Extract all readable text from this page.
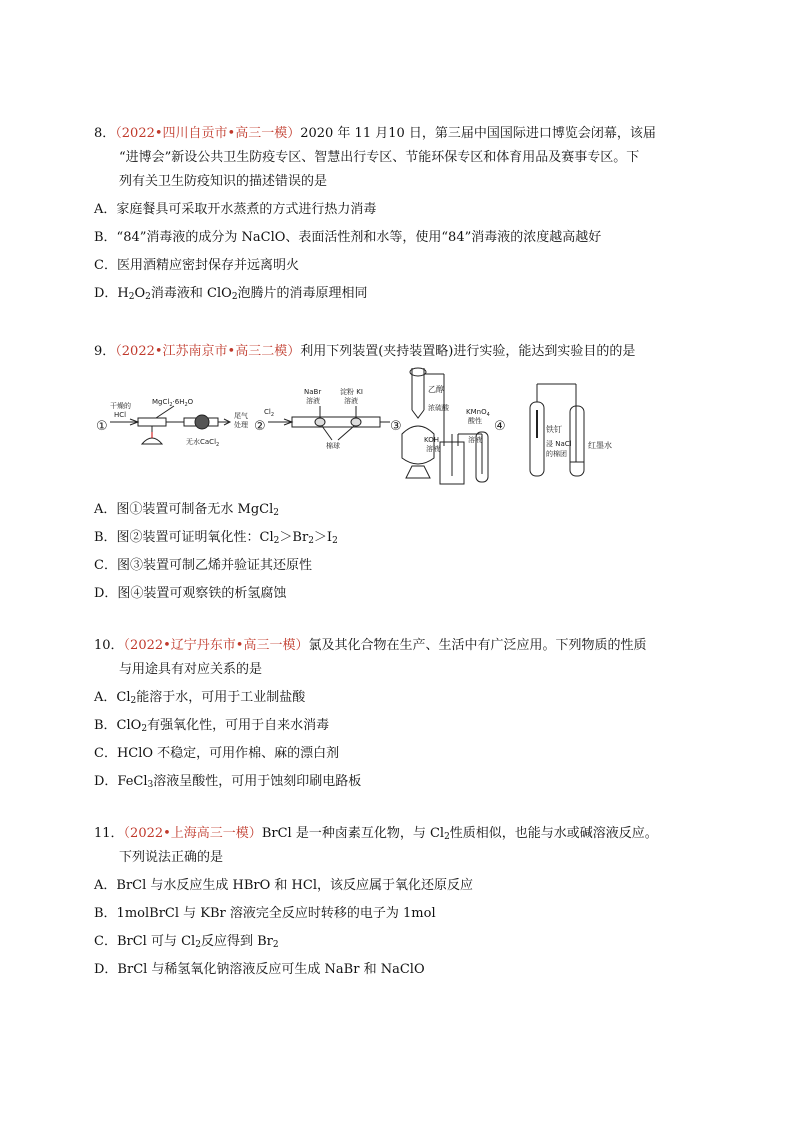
8．（2022•四川自贡市•高三一模）2020 年 11 月10 日，第三届中国国际进口博览会闭幕，该届
“进博会”新设公共卫生防疫专区、智慧出行专区、节能环保专区和体育用品及赛事专区。下
列有关卫生防疫知识的描述错误的是
A．家庭餐具可采取开水蒸煮的方式进行热力消毒
B．“84”消毒液的成分为 NaClO、表面活性剂和水等，使用“84”消毒液的浓度越高越好
C．医用酒精应密封保存并远离明火
D．$H_2O_2$消毒液和 ClO$_2$泡腾片的消毒原理相同
9．（2022•江苏南京市•高三二模）利用下列装置(夹持装置略)进行实验，能达到实验目的的是
①
干燥的
HCl
$MgCl_2\cdot 6H_2O$
尾气
处理
无水CaCl$_2$
②
$Cl_2$
NaBr
溶液
淀粉 KI
溶液
棉球
③
乙醇
浓硫酸
KOH
溶液
KMnO$_4$
酸性
溶液
④	铁钉
浸 NaCl
的棉团
红墨水
A．图①装置可制备无水 MgCl$_2$
B．图②装置可证明氧化性：$Cl_2>Br_2>I_2$
C．图③装置可制乙烯并验证其还原性
D．图④装置可观察铁的析氢腐蚀
10．（2022•辽宁丹东市•高三一模）氯及其化合物在生产、生活中有广泛应用。下列物质的性质
与用途具有对应关系的是
A．$Cl_2$能溶于水，可用于工业制盐酸
B．ClO$_2$有强氧化性，可用于自来水消毒
C．HClO 不稳定，可用作棉、麻的漂白剂
D．FeCl$_3$溶液呈酸性，可用于蚀刻印刷电路板
11．（2022•上海高三一模）BrCl 是一种卤素互化物，与 $Cl_2$性质相似，也能与水或碱溶液反应。
下列说法正确的是
A．BrCl 与水反应生成 HBrO 和 HCl，该反应属于氧化还原反应
B．1molBrCl 与 KBr 溶液完全反应时转移的电子为 1mol
C．BrCl 可与 $Cl_2$反应得到 $Br_2$
D．BrCl 与稀氢氧化钠溶液反应可生成 NaBr 和 NaClO
